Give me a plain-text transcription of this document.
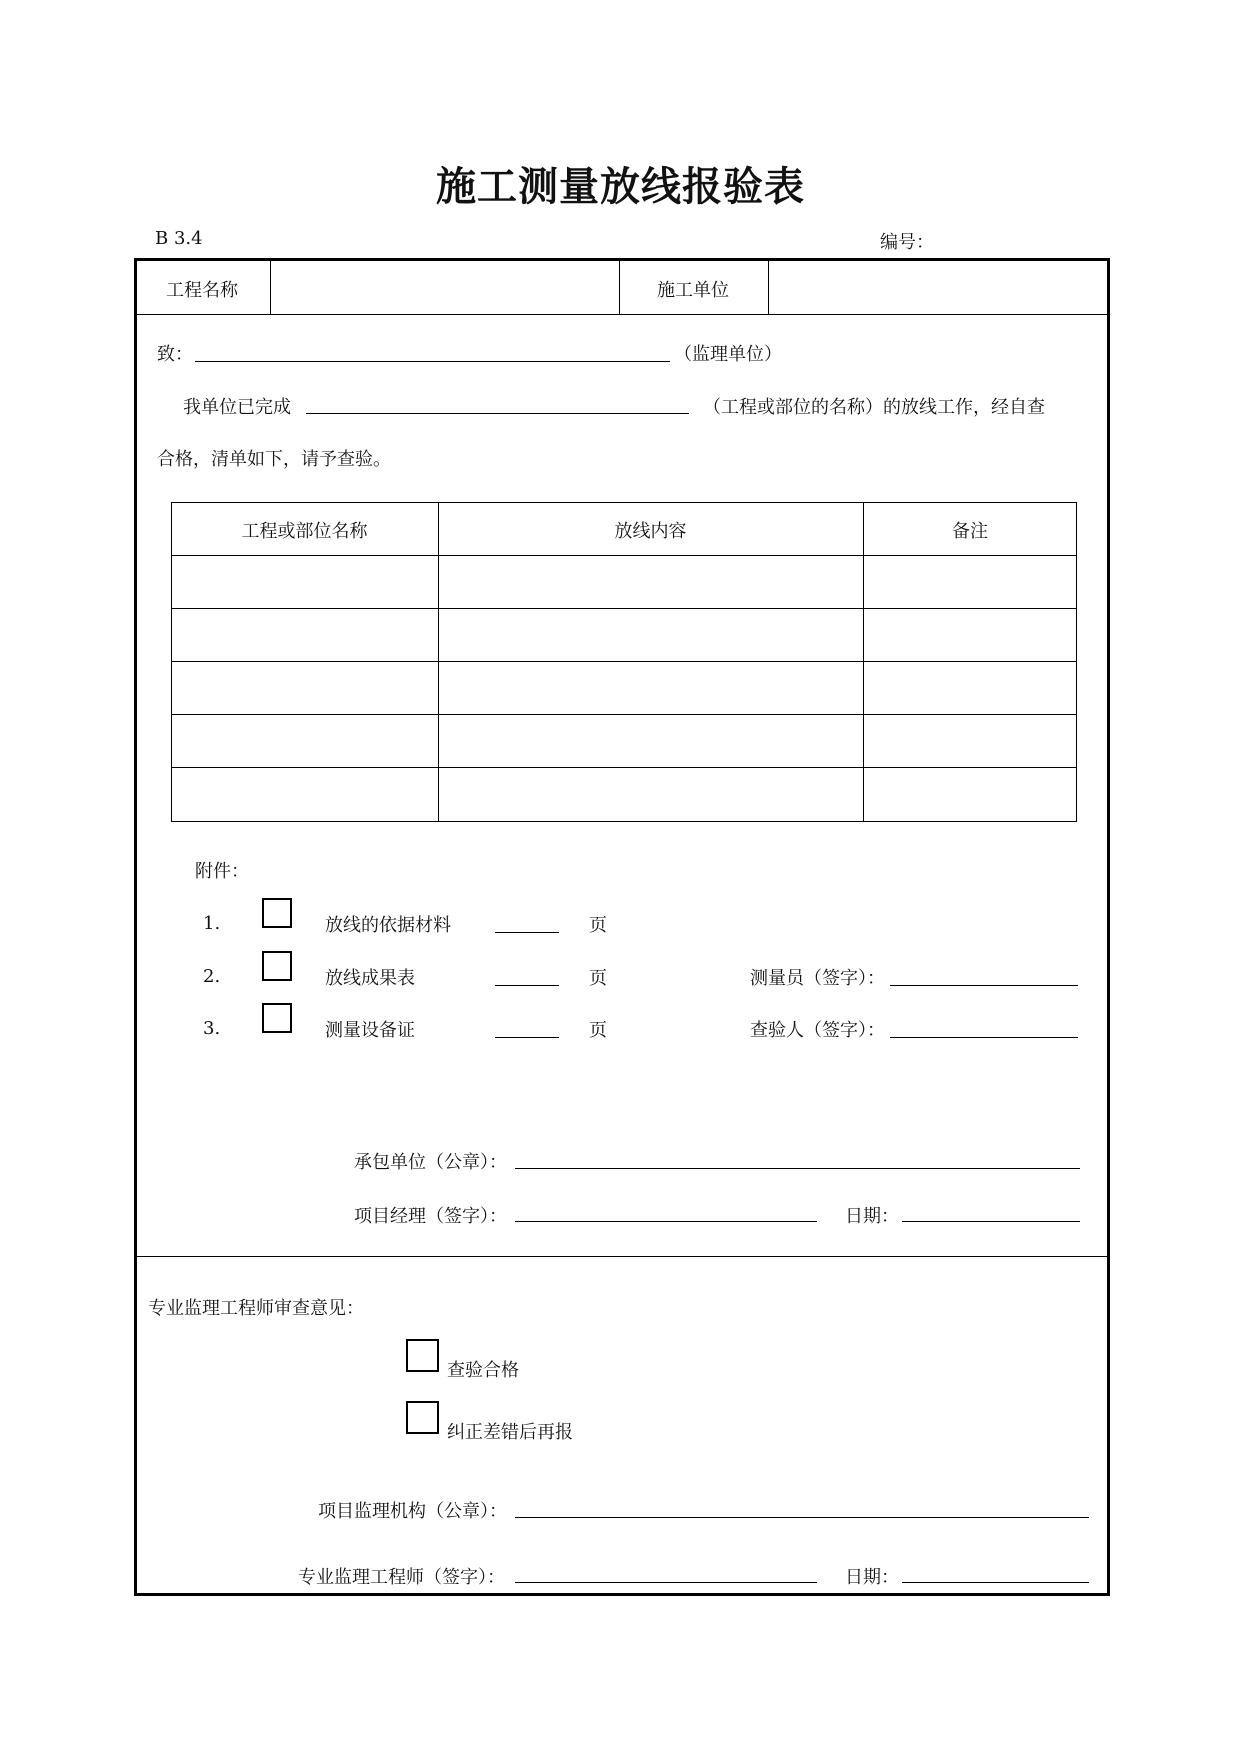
施工测量放线报验表
B 3.4	编号：
工程名称	施工单位
致：	（监理单位）
我单位已完成	（工程或部位的名称）的放线工作，经自查
合格，清单如下，请予查验。
工程或部位名称	放线内容	备注
附件：
1.	放线的依据材料	页
2.	放线成果表	页	测量员（签字）：
3.	测量设备证	页	查验人（签字）：
承包单位（公章）：
项目经理（签字）：	日期：
专业监理工程师审查意见：
查验合格
纠正差错后再报
项目监理机构（公章）：
专业监理工程师（签字）：	日期：
